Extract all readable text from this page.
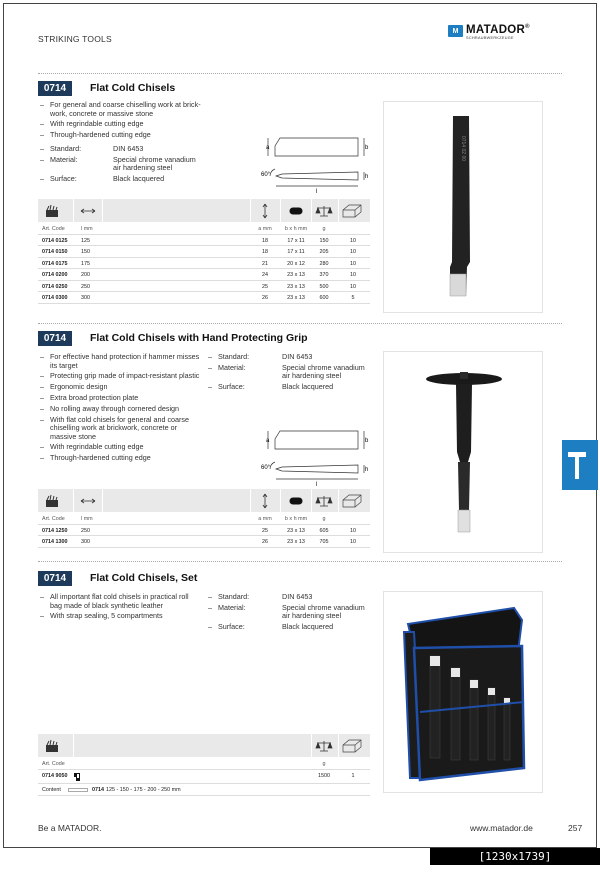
STRIKING TOOLS
M MATADOR ®
SCHRAUBWERKZEUGE
0714	Flat Cold Chisels
– For general and coarse chiselling work at brick-
work, concrete or massive stone
– With regrindable cutting edge
– Through-hardened cutting edge
– Standard:	DIN 6453
– Material:	Special chrome vanadium
air hardening steel
– Surface:	Black lacquered
a	b
h
l
60°
0714 02 00
Art. Code	l mm	a mm	b x h mm	g
0714 0125	125	18	17 x 11	150	10
0714 0150	150	18	17 x 11	205	10
0714 0175	175	21	20 x 12	280	10
0714 0200	200	24	23 x 13	370	10
0714 0250	250	25	23 x 13	500	10
0714 0300	300	26	23 x 13	600	5
0714	Flat Cold Chisels with Hand Protecting Grip
– For effective hand protection if hammer misses
its target
– Protecting grip made of impact-resistant plastic
– Ergonomic design
– Extra broad protection plate
– No rolling away through cornered design
– With flat cold chisels for general and coarse
chiselling work at brickwork, concrete or
massive stone
– With regrindable cutting edge
– Through-hardened cutting edge
– Standard:	DIN 6453
– Material:	Special chrome vanadium
air hardening steel
– Surface:	Black lacquered
a	b
h
l
60°
Art. Code	l mm	a mm	b x h mm	g
0714 1250	250	25	23 x 13	605	10
0714 1300	300	26	23 x 13	705	10
0714	Flat Cold Chisels, Set
– All important flat cold chisels in practical roll
bag made of black synthetic leather
– With strap sealing, 5 compartments
– Standard:	DIN 6453
– Material:	Special chrome vanadium
air hardening steel
– Surface:	Black lacquered
Art. Code	g
0714 9050	1500	1
Content	0714 125 - 150 - 175 - 200 - 250 mm
Be a MATADOR.	www.matador.de	257
[1230x1739] https://upic.me/
